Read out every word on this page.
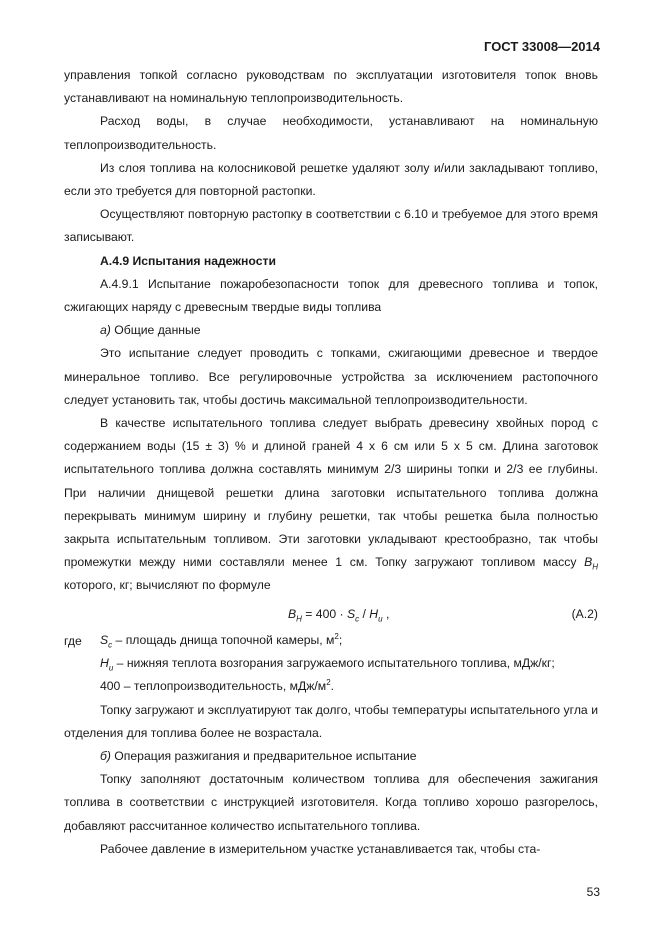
ГОСТ 33008—2014

управления топкой согласно руководствам по эксплуатации изготовителя топок вновь устанавливают на номинальную теплопроизводительность.

Расход воды, в случае необходимости, устанавливают на номинальную теплопроизводительность.

Из слоя топлива на колосниковой решетке удаляют золу и/или закладывают топливо, если это требуется для повторной растопки.

Осуществляют повторную растопку в соответствии с 6.10 и требуемое для этого время записывают.

А.4.9 Испытания надежности

А.4.9.1 Испытание пожаробезопасности топок для древесного топлива и топок, сжигающих наряду с древесным твердые виды топлива

а) Общие данные

Это испытание следует проводить с топками, сжигающими древесное и твердое минеральное топливо. Все регулировочные устройства за исключением растопочного следует установить так, чтобы достичь максимальной теплопроизводительности.

В качестве испытательного топлива следует выбрать древесину хвойных пород с содержанием воды (15 ± 3) % и длиной граней 4 х 6 см или 5 х 5 см. Длина заготовок испытательного топлива должна составлять минимум 2/3 ширины топки и 2/3 ее глубины. При наличии днищевой решетки длина заготовки испытательного топлива должна перекрывать минимум ширину и глубину решетки, так чтобы решетка была полностью закрыта испытательным топливом. Эти заготовки укладывают крестообразно, так чтобы промежутки между ними составляли менее 1 см. Топку загружают топливом массу $В_Н$ которого, кг; вычисляют по формуле

$В_Н = 400 \cdot S_c / H_u$ ,	(А.2)
где	$S_c$ – площадь днища топочной камеры, $м^2$;
$H_u$ – нижняя теплота возгорания загружаемого испытательного топлива, мДж/кг;
400 – теплопроизводительность, мДж/$м^2$.

Топку загружают и эксплуатируют так долго, чтобы температуры испытательного угла и отделения для топлива более не возрастала.

б) Операция разжигания и предварительное испытание

Топку заполняют достаточным количеством топлива для обеспечения зажигания топлива в соответствии с инструкцией изготовителя. Когда топливо хорошо разгорелось, добавляют рассчитанное количество испытательного топлива.

Рабочее давление в измерительном участке устанавливается так, чтобы ста-

53
